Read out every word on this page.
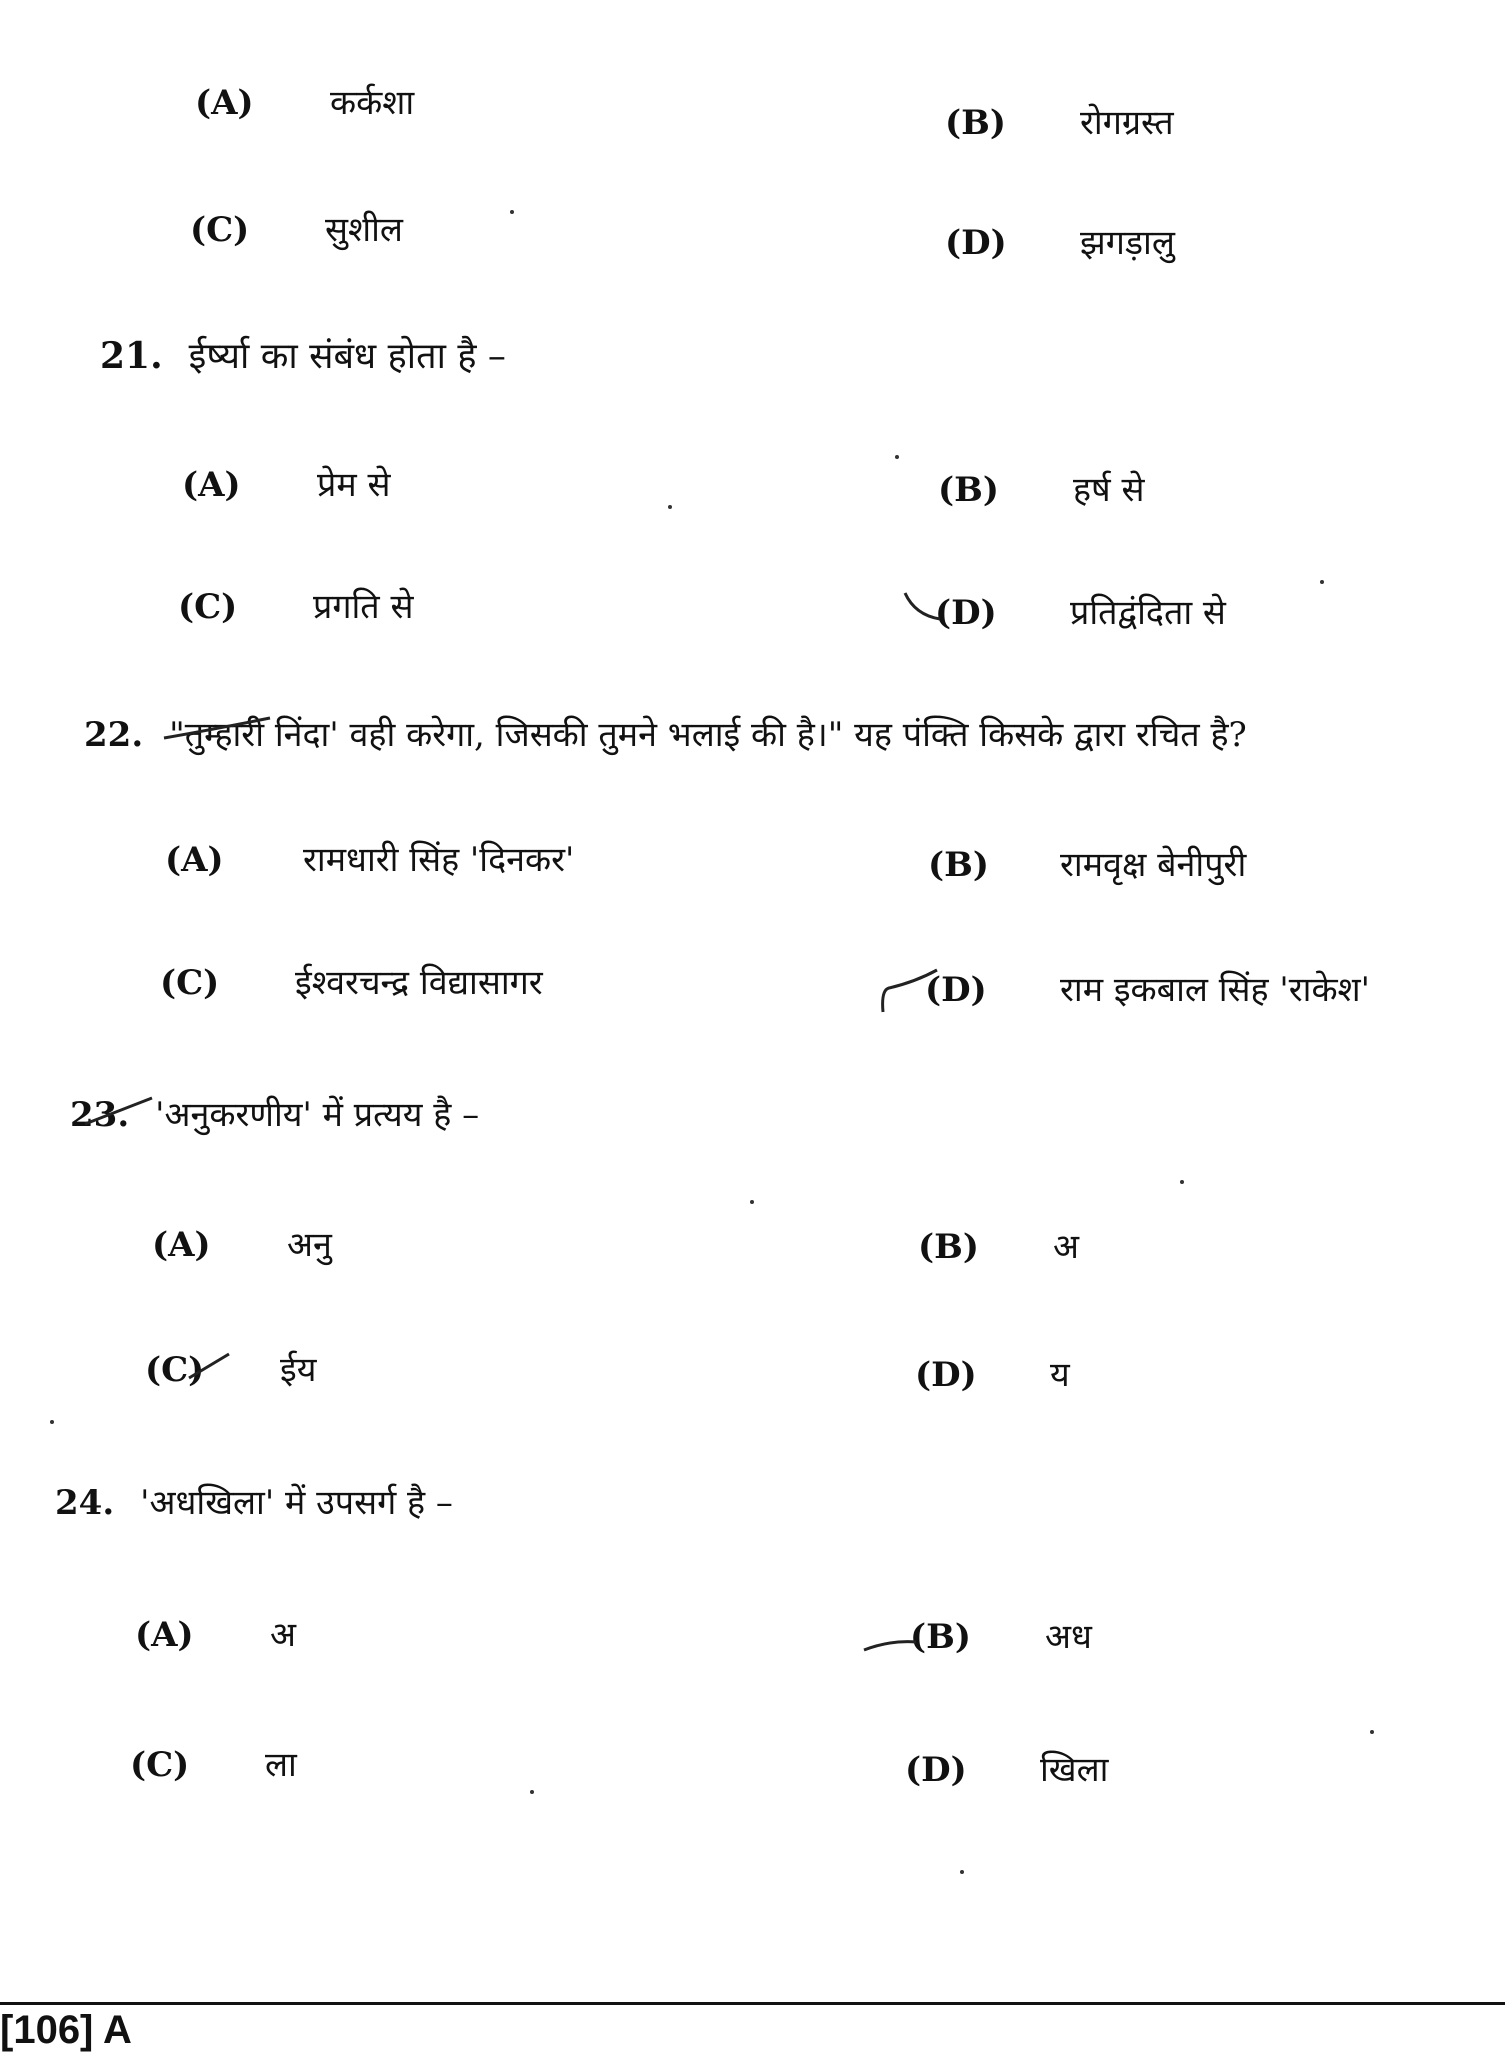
(A) कर्कशा	(B) रोगग्रस्त
(C) सुशील	(D) झगड़ालु
21. ईर्ष्या का संबंध होता है –
(A) प्रेम से	(B) हर्ष से
(C) प्रगति से	(D) प्रतिद्वंदिता से
22. "तुम्हारी निंदा' वही करेगा, जिसकी तुमने भलाई की है।" यह पंक्ति किसके द्वारा रचित है?
(A) रामधारी सिंह 'दिनकर'	(B) रामवृक्ष बेनीपुरी
(C) ईश्वरचन्द्र विद्यासागर	(D) राम इकबाल सिंह 'राकेश'
23. 'अनुकरणीय' में प्रत्यय है –
(A) अनु	(B) अ
(C) ईय	(D) य
24. 'अधखिला' में उपसर्ग है –
(A) अ	(B) अध
(C) ला	(D) खिला
[106] A
